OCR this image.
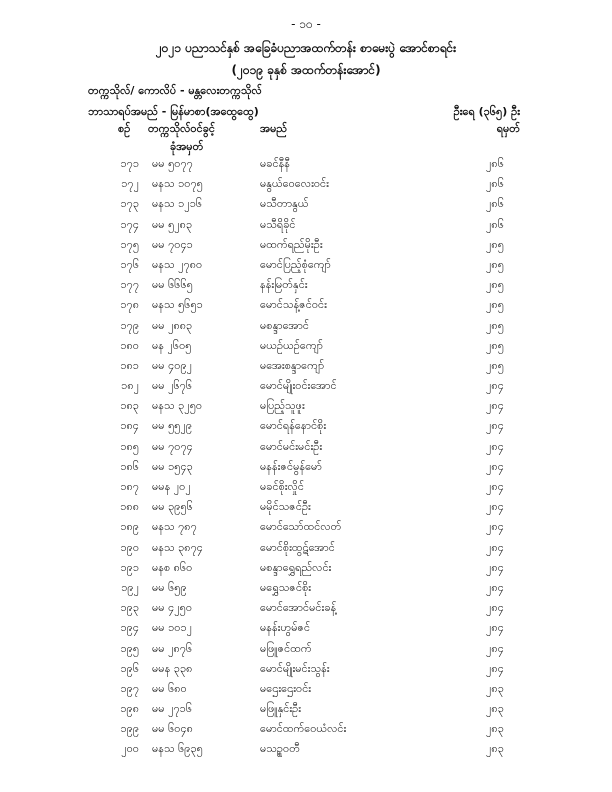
- ၁၀ -
၂၀၂၁ ပညာသင်နှစ် အခြေခံပညာအထက်တန်း စာမေးပွဲ အောင်စာရင်း
(၂၀၁၉ ခုနှစ် အထက်တန်းအောင်)
တက္ကသိုလ်/ ကောလိပ် - မန္တလေးတက္ကသိုလ်
ဘာသာရပ်အမည် - မြန်မာစာ(အထွေထွေ)	ဦးရေ (၃၆၅) ဦး
စဉ် တက္ကသိုလ်ဝင်ခွင့်
ခုံအမှတ်
အမည်	ရမှတ်
၁၇၁ မမ ၅၀၇၇	မခင်နီနီ	၂၈၆
၁၇၂ မနသ ၁၀၇၅	မနွယ်ဝေလေးဝင်း	၂၈၆
၁၇၃ မနသ ၁၂၁၆	မသီတာနွယ်	၂၈၆
၁၇၄ မမ ၅၂၈၃	မသီရိခိုင်	၂၈၆
၁၇၅ မမ ၇၀၄၁	မထက်ရည်မိုးဦး	၂၈၅
၁၇၆ မနသ ၂၇၈၀	မောင်ပြည့်စုံကျော်	၂၈၅
၁၇၇ မမ ၆၆၆၅	နန်းမြတ်နှင်း	၂၈၅
၁၇၈ မနသ ၅၆၅၁	မောင်သန့်ဇင်ဝင်း	၂၈၅
၁၇၉ မမ ၂၈၈၃	မစန္ဒာအောင်	၂၈၅
၁၈၀ မန ၂၆၀၅	မယဉ်ယဉ်ကျော်	၂၈၅
၁၈၁ မမ ၄၀၉၂	မအေးစန္ဒာကျော်	၂၈၅
၁၈၂ မမ ၂၆၇၆	မောင်မျိုးဝင်းအောင်	၂၈၄
၁၈၃ မနသ ၃၂၅၀	မပြည့်သူဖူး	၂၈၄
၁၈၄ မမ ၅၅၂၉	မောင်ရန်နောင်စိုး	၂၈၄
၁၈၅ မမ ၇၀၇၄	မောင်မင်းမင်းဦး	၂၈၄
၁၈၆ မမ ၁၅၄၃	မနန်းဇင်မွန်မော်	၂၈၄
၁၈၇ မမန ၂၀၂	မခင်စိုးလှိုင်	၂၈၄
၁၈၈ မမ ၃၉၅၆	မမိုင်သဇင်ဦး	၂၈၄
၁၈၉ မနသ ၇၈၇	မောင်သော်ထင်လတ်	၂၈၄
၁၉၀ မနသ ၃၈၇၄	မောင်စိုးထွဋ်အောင်	၂၈၄
၁၉၁ မနစ ၈၆၀	မစန္ဒာရွှေရည်လင်း	၂၈၄
၁၉၂ မမ ၆၅၉	မရွှေသဇင်စိုး	၂၈၄
၁၉၃ မမ ၄၂၅၀	မောင်အောင်မင်းခန့်	၂၈၄
၁၉၄ မမ ၁၀၁၂	မနန်းဟွမ်ဇင်	၂၈၄
၁၉၅ မမ ၂၈၇၆	မဖြူဇင်ထက်	၂၈၄
၁၉၆ မမန ၃၃၈	မောင်မျိုးမင်းသွန်း	၂၈၄
၁၉၇ မမ ၆၈၀	မဌေးဌေးဝင်း	၂၈၃
၁၉၈ မမ ၂၇၁၆	မဖြူနှင်းဦး	၂၈၃
၁၉၉ မမ ၆၀၄၈	မောင်ထက်ဝေယံလင်း	၂၈၃
၂၀၀ မနသ ၆၉၃၅	မသဥ္စဝတီ	၂၈၃
